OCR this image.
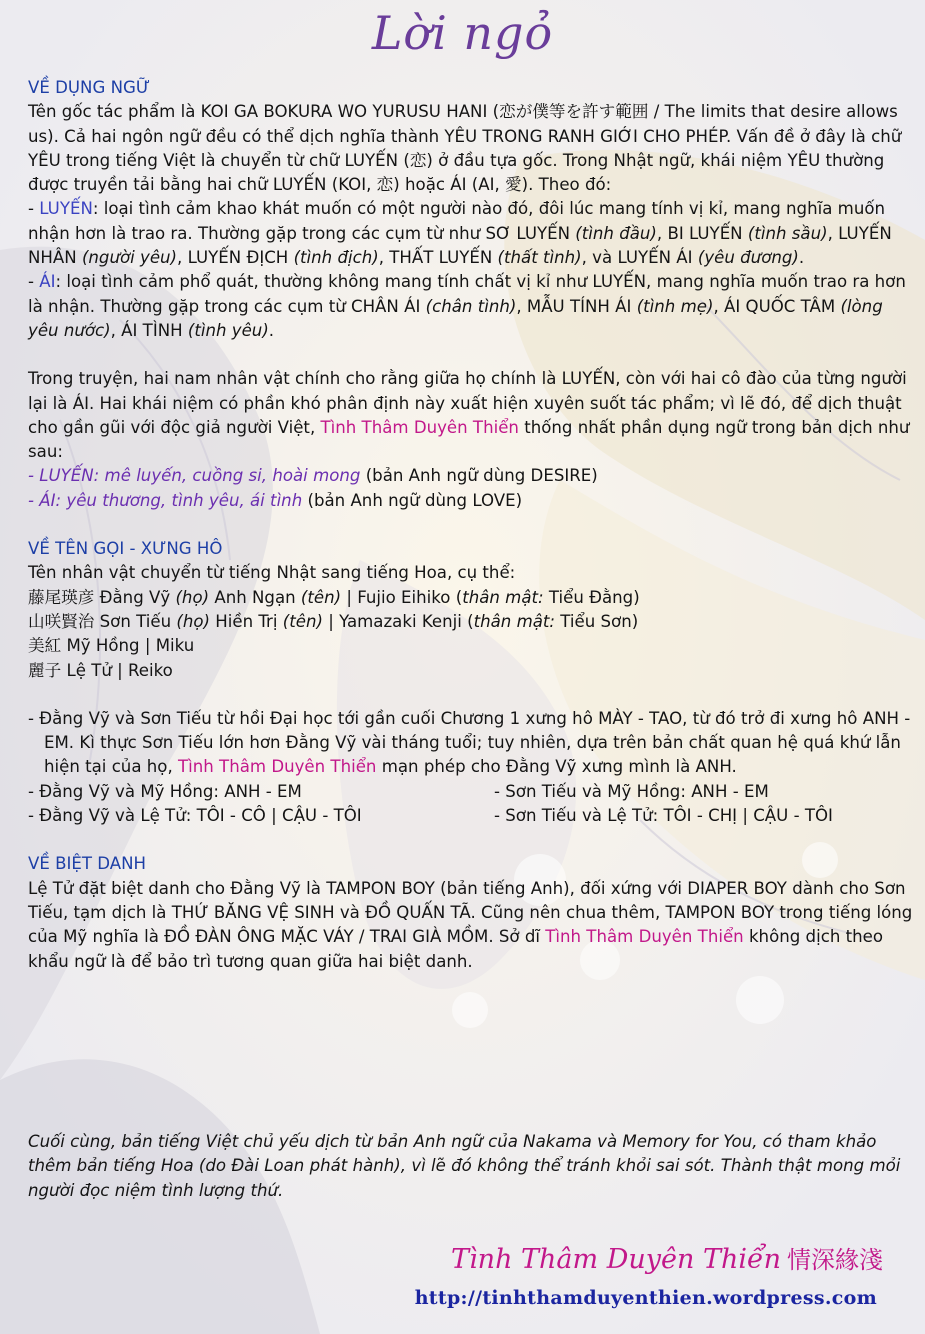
Lời ngỏ
VỀ DỤNG NGỮ
Tên gốc tác phẩm là KOI GA BOKURA WO YURUSU HANI (恋が僕等を許す範囲 / The limits that desire allows us). Cả hai ngôn ngữ đều có thể dịch nghĩa thành YÊU TRONG RANH GIỚI CHO PHÉP. Vấn đề ở đây là chữ YÊU trong tiếng Việt là chuyển từ chữ LUYẾN (恋) ở đầu tựa gốc. Trong Nhật ngữ, khái niệm YÊU thường được truyền tải bằng hai chữ LUYẾN (KOI, 恋) hoặc ÁI (AI, 愛). Theo đó:
- LUYẾN: loại tình cảm khao khát muốn có một người nào đó, đôi lúc mang tính vị kỉ, mang nghĩa muốn nhận hơn là trao ra. Thường gặp trong các cụm từ như SƠ LUYẾN (tình đầu), BI LUYẾN (tình sầu), LUYẾN NHÂN (người yêu), LUYẾN ĐỊCH (tình địch), THẤT LUYẾN (thất tình), và LUYẾN ÁI (yêu đương).
- ÁI: loại tình cảm phổ quát, thường không mang tính chất vị kỉ như LUYẾN, mang nghĩa muốn trao ra hơn là nhận. Thường gặp trong các cụm từ CHÂN ÁI (chân tình), MẪU TÍNH ÁI (tình mẹ), ÁI QUỐC TÂM (lòng yêu nước), ÁI TÌNH (tình yêu).
Trong truyện, hai nam nhân vật chính cho rằng giữa họ chính là LUYẾN, còn với hai cô đào của từng người lại là ÁI. Hai khái niệm có phần khó phân định này xuất hiện xuyên suốt tác phẩm; vì lẽ đó, để dịch thuật cho gần gũi với độc giả người Việt, Tình Thâm Duyên Thiển thống nhất phần dụng ngữ trong bản dịch như sau:
- LUYẾN: mê luyến, cuồng si, hoài mong (bản Anh ngữ dùng DESIRE)
- ÁI: yêu thương, tình yêu, ái tình (bản Anh ngữ dùng LOVE)
VỀ TÊN GỌI - XƯNG HÔ
Tên nhân vật chuyển từ tiếng Nhật sang tiếng Hoa, cụ thể:
藤尾瑛彦 Đằng Vỹ (họ) Anh Ngạn (tên) | Fujio Eihiko (thân mật: Tiểu Đằng)
山咲賢治 Sơn Tiếu (họ) Hiền Trị (tên) | Yamazaki Kenji (thân mật: Tiểu Sơn)
美紅 Mỹ Hồng | Miku
麗子 Lệ Tử | Reiko
- Đằng Vỹ và Sơn Tiếu từ hồi Đại học tới gần cuối Chương 1 xưng hô MÀY - TAO, từ đó trở đi xưng hô ANH - EM. Kì thực Sơn Tiếu lớn hơn Đằng Vỹ vài tháng tuổi; tuy nhiên, dựa trên bản chất quan hệ quá khứ lẫn hiện tại của họ, Tình Thâm Duyên Thiển mạn phép cho Đằng Vỹ xưng mình là ANH.
- Đằng Vỹ và Mỹ Hồng: ANH - EM	- Sơn Tiếu và Mỹ Hồng: ANH - EM
- Đằng Vỹ và Lệ Tử: TÔI - CÔ | CẬU - TÔI	- Sơn Tiếu và Lệ Tử: TÔI - CHỊ | CẬU - TÔI
VỀ BIỆT DANH
Lệ Tử đặt biệt danh cho Đằng Vỹ là TAMPON BOY (bản tiếng Anh), đối xứng với DIAPER BOY dành cho Sơn Tiếu, tạm dịch là THỨ BĂNG VỆ SINH và ĐỒ QUẤN TÃ. Cũng nên chua thêm, TAMPON BOY trong tiếng lóng của Mỹ nghĩa là ĐỒ ĐÀN ÔNG MẶC VÁY / TRAI GIÀ MỒM. Sở dĩ Tình Thâm Duyên Thiển không dịch theo khẩu ngữ là để bảo trì tương quan giữa hai biệt danh.
Cuối cùng, bản tiếng Việt chủ yếu dịch từ bản Anh ngữ của Nakama và Memory for You, có tham khảo thêm bản tiếng Hoa (do Đài Loan phát hành), vì lẽ đó không thể tránh khỏi sai sót. Thành thật mong mỏi người đọc niệm tình lượng thứ.
Tình Thâm Duyên Thiển 情深緣淺
http://tinhthamduyenthien.wordpress.com
